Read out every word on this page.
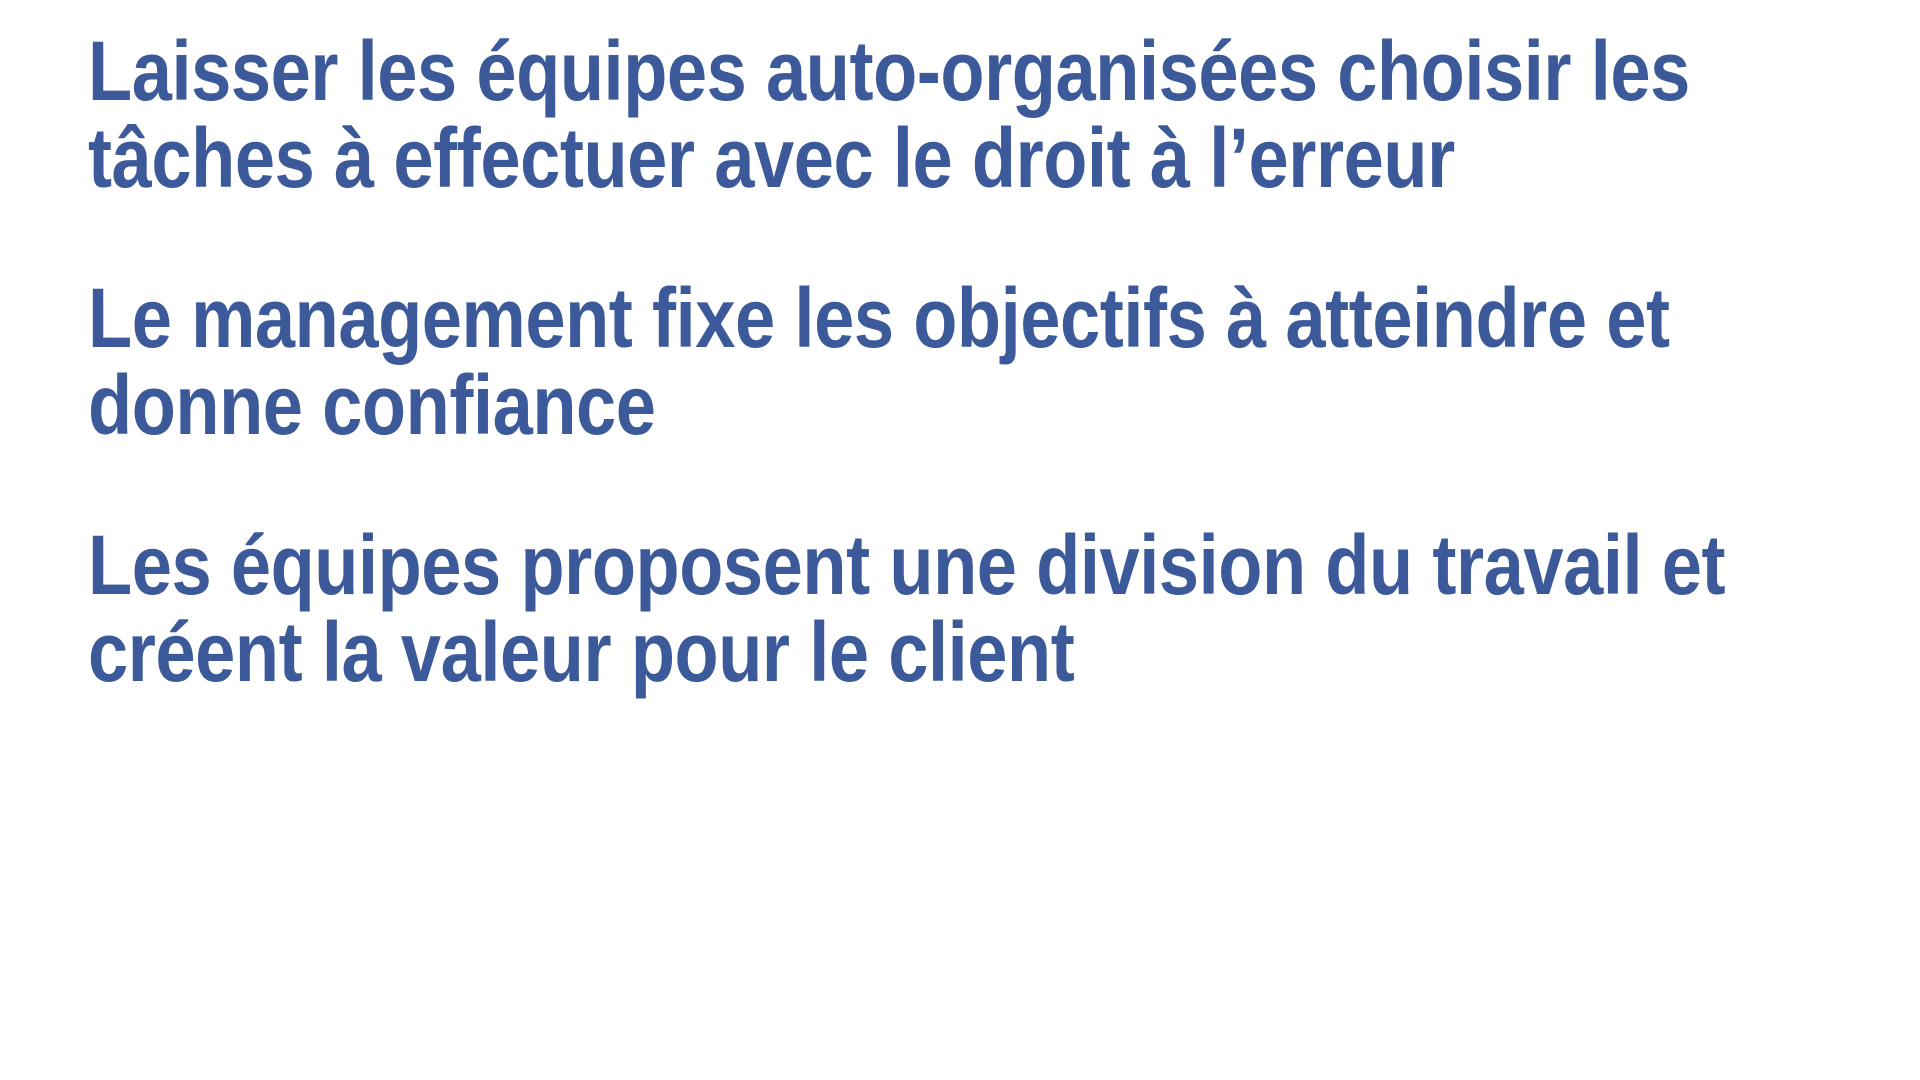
Laisser les équipes auto-organisées choisir les tâches à effectuer avec le droit à l’erreur

Le management fixe les objectifs à atteindre et donne confiance

Les équipes proposent une division du travail et créent la valeur pour le client
